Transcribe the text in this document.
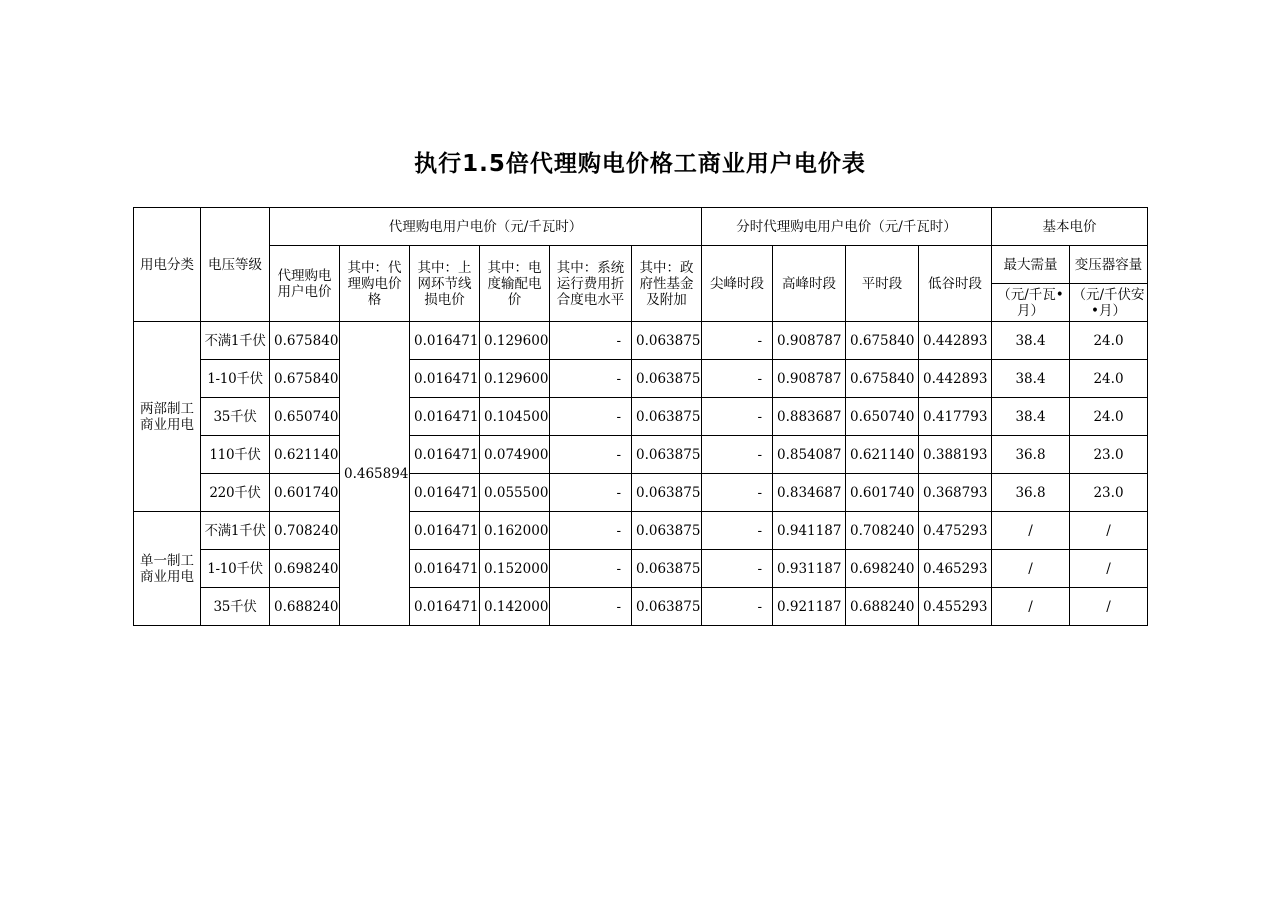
执行1.5倍代理购电价格工商业用户电价表
用电分类	电压等级	代理购电用户电价（元/千瓦时）						分时代理购电用户电价（元/千瓦时）				基本电价	
		代理购电用户电价	其中：代理购电价格	其中：上网环节线损电价	其中：电度输配电价	其中：系统运行费用折合度电水平	其中：政府性基金及附加	尖峰时段	高峰时段	平时段	低谷时段	最大需量	变压器容量
												（元/千瓦•月）	（元/千伏安•月）
两部制工商业用电	不满1千伏	0.675840	0.465894	0.016471	0.129600	-	0.063875	-	0.908787	0.675840	0.442893	38.4	24.0
	1-10千伏	0.675840		0.016471	0.129600	-	0.063875	-	0.908787	0.675840	0.442893	38.4	24.0
	35千伏	0.650740		0.016471	0.104500	-	0.063875	-	0.883687	0.650740	0.417793	38.4	24.0
	110千伏	0.621140		0.016471	0.074900	-	0.063875	-	0.854087	0.621140	0.388193	36.8	23.0
	220千伏	0.601740		0.016471	0.055500	-	0.063875	-	0.834687	0.601740	0.368793	36.8	23.0
单一制工商业用电	不满1千伏	0.708240		0.016471	0.162000	-	0.063875	-	0.941187	0.708240	0.475293	/	/
	1-10千伏	0.698240		0.016471	0.152000	-	0.063875	-	0.931187	0.698240	0.465293	/	/
	35千伏	0.688240		0.016471	0.142000	-	0.063875	-	0.921187	0.688240	0.455293	/	/
